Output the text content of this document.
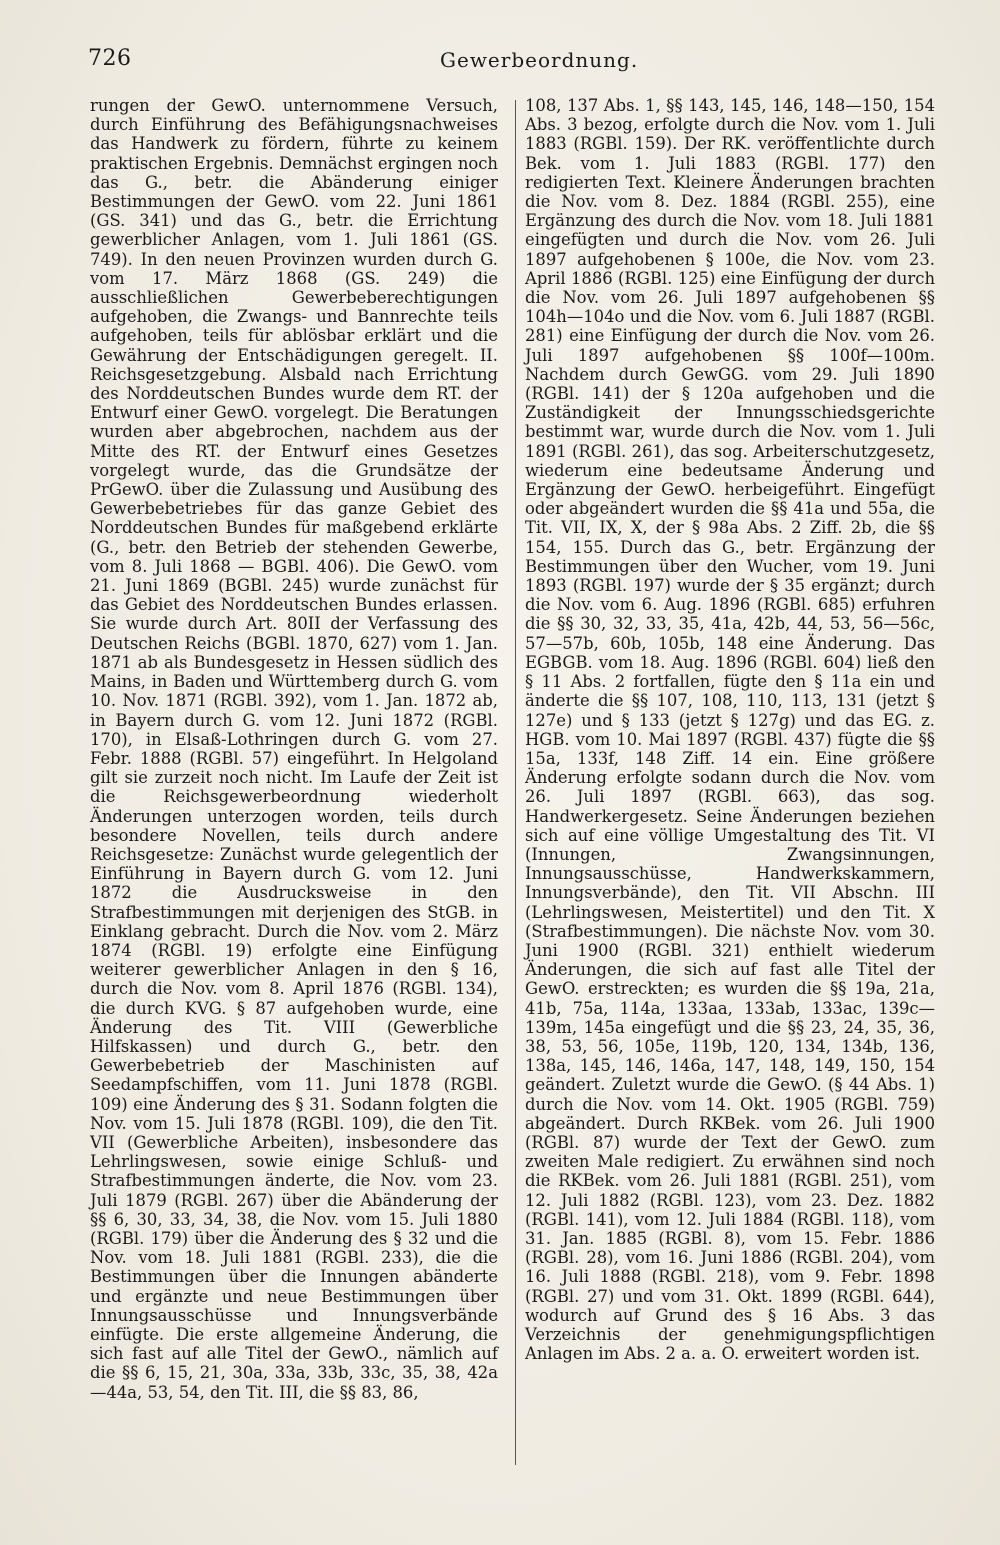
726	Gewerbeordnung.

rungen der GewO. unternommene Versuch, durch Einführung des Befähigungsnachweises das Handwerk zu fördern, führte zu keinem praktischen Ergebnis. Demnächst ergingen noch das G., betr. die Abänderung einiger Bestimmungen der GewO. vom 22. Juni 1861 (GS. 341) und das G., betr. die Errichtung gewerblicher Anlagen, vom 1. Juli 1861 (GS. 749). In den neuen Provinzen wurden durch G. vom 17. März 1868 (GS. 249) die ausschließlichen Gewerbeberechtigungen aufgehoben, die Zwangs- und Bannrechte teils aufgehoben, teils für ablösbar erklärt und die Gewährung der Entschädigungen geregelt. II. Reichsgesetzgebung. Alsbald nach Errichtung des Norddeutschen Bundes wurde dem RT. der Entwurf einer GewO. vorgelegt. Die Beratungen wurden aber abgebrochen, nachdem aus der Mitte des RT. der Entwurf eines Gesetzes vorgelegt wurde, das die Grundsätze der PrGewO. über die Zulassung und Ausübung des Gewerbebetriebes für das ganze Gebiet des Norddeutschen Bundes für maßgebend erklärte (G., betr. den Betrieb der stehenden Gewerbe, vom 8. Juli 1868 — BGBl. 406). Die GewO. vom 21. Juni 1869 (BGBl. 245) wurde zunächst für das Gebiet des Norddeutschen Bundes erlassen. Sie wurde durch Art. 80II der Verfassung des Deutschen Reichs (BGBl. 1870, 627) vom 1. Jan. 1871 ab als Bundesgesetz in Hessen südlich des Mains, in Baden und Württemberg durch G. vom 10. Nov. 1871 (RGBl. 392), vom 1. Jan. 1872 ab, in Bayern durch G. vom 12. Juni 1872 (RGBl. 170), in Elsaß-Lothringen durch G. vom 27. Febr. 1888 (RGBl. 57) eingeführt. In Helgoland gilt sie zurzeit noch nicht. Im Laufe der Zeit ist die Reichsgewerbeordnung wiederholt Änderungen unterzogen worden, teils durch besondere Novellen, teils durch andere Reichsgesetze: Zunächst wurde gelegentlich der Einführung in Bayern durch G. vom 12. Juni 1872 die Ausdrucksweise in den Strafbestimmungen mit derjenigen des StGB. in Einklang gebracht. Durch die Nov. vom 2. März 1874 (RGBl. 19) erfolgte eine Einfügung weiterer gewerblicher Anlagen in den § 16, durch die Nov. vom 8. April 1876 (RGBl. 134), die durch KVG. § 87 aufgehoben wurde, eine Änderung des Tit. VIII (Gewerbliche Hilfskassen) und durch G., betr. den Gewerbebetrieb der Maschinisten auf Seedampfschiffen, vom 11. Juni 1878 (RGBl. 109) eine Änderung des § 31. Sodann folgten die Nov. vom 15. Juli 1878 (RGBl. 109), die den Tit. VII (Gewerbliche Arbeiten), insbesondere das Lehrlingswesen, sowie einige Schluß- und Strafbestimmungen änderte, die Nov. vom 23. Juli 1879 (RGBl. 267) über die Abänderung der §§ 6, 30, 33, 34, 38, die Nov. vom 15. Juli 1880 (RGBl. 179) über die Änderung des § 32 und die Nov. vom 18. Juli 1881 (RGBl. 233), die die Bestimmungen über die Innungen abänderte und ergänzte und neue Bestimmungen über Innungsausschüsse und Innungsverbände einfügte. Die erste allgemeine Änderung, die sich fast auf alle Titel der GewO., nämlich auf die §§ 6, 15, 21, 30a, 33a, 33b, 33c, 35, 38, 42a—44a, 53, 54, den Tit. III, die §§ 83, 86,

108, 137 Abs. 1, §§ 143, 145, 146, 148—150, 154 Abs. 3 bezog, erfolgte durch die Nov. vom 1. Juli 1883 (RGBl. 159). Der RK. veröffentlichte durch Bek. vom 1. Juli 1883 (RGBl. 177) den redigierten Text. Kleinere Änderungen brachten die Nov. vom 8. Dez. 1884 (RGBl. 255), eine Ergänzung des durch die Nov. vom 18. Juli 1881 eingefügten und durch die Nov. vom 26. Juli 1897 aufgehobenen § 100e, die Nov. vom 23. April 1886 (RGBl. 125) eine Einfügung der durch die Nov. vom 26. Juli 1897 aufgehobenen §§ 104h—104o und die Nov. vom 6. Juli 1887 (RGBl. 281) eine Einfügung der durch die Nov. vom 26. Juli 1897 aufgehobenen §§ 100f—100m. Nachdem durch GewGG. vom 29. Juli 1890 (RGBl. 141) der § 120a aufgehoben und die Zuständigkeit der Innungsschiedsgerichte bestimmt war, wurde durch die Nov. vom 1. Juli 1891 (RGBl. 261), das sog. Arbeiterschutzgesetz, wiederum eine bedeutsame Änderung und Ergänzung der GewO. herbeigeführt. Eingefügt oder abgeändert wurden die §§ 41a und 55a, die Tit. VII, IX, X, der § 98a Abs. 2 Ziff. 2b, die §§ 154, 155. Durch das G., betr. Ergänzung der Bestimmungen über den Wucher, vom 19. Juni 1893 (RGBl. 197) wurde der § 35 ergänzt; durch die Nov. vom 6. Aug. 1896 (RGBl. 685) erfuhren die §§ 30, 32, 33, 35, 41a, 42b, 44, 53, 56—56c, 57—57b, 60b, 105b, 148 eine Änderung. Das EGBGB. vom 18. Aug. 1896 (RGBl. 604) ließ den § 11 Abs. 2 fortfallen, fügte den § 11a ein und änderte die §§ 107, 108, 110, 113, 131 (jetzt § 127e) und § 133 (jetzt § 127g) und das EG. z. HGB. vom 10. Mai 1897 (RGBl. 437) fügte die §§ 15a, 133f, 148 Ziff. 14 ein. Eine größere Änderung erfolgte sodann durch die Nov. vom 26. Juli 1897 (RGBl. 663), das sog. Handwerkergesetz. Seine Änderungen beziehen sich auf eine völlige Umgestaltung des Tit. VI (Innungen, Zwangsinnungen, Innungsausschüsse, Handwerkskammern, Innungsverbände), den Tit. VII Abschn. III (Lehrlingswesen, Meistertitel) und den Tit. X (Strafbestimmungen). Die nächste Nov. vom 30. Juni 1900 (RGBl. 321) enthielt wiederum Änderungen, die sich auf fast alle Titel der GewO. erstreckten; es wurden die §§ 19a, 21a, 41b, 75a, 114a, 133aa, 133ab, 133ac, 139c—139m, 145a eingefügt und die §§ 23, 24, 35, 36, 38, 53, 56, 105e, 119b, 120, 134, 134b, 136, 138a, 145, 146, 146a, 147, 148, 149, 150, 154 geändert. Zuletzt wurde die GewO. (§ 44 Abs. 1) durch die Nov. vom 14. Okt. 1905 (RGBl. 759) abgeändert. Durch RKBek. vom 26. Juli 1900 (RGBl. 87) wurde der Text der GewO. zum zweiten Male redigiert. Zu erwähnen sind noch die RKBek. vom 26. Juli 1881 (RGBl. 251), vom 12. Juli 1882 (RGBl. 123), vom 23. Dez. 1882 (RGBl. 141), vom 12. Juli 1884 (RGBl. 118), vom 31. Jan. 1885 (RGBl. 8), vom 15. Febr. 1886 (RGBl. 28), vom 16. Juni 1886 (RGBl. 204), vom 16. Juli 1888 (RGBl. 218), vom 9. Febr. 1898 (RGBl. 27) und vom 31. Okt. 1899 (RGBl. 644), wodurch auf Grund des § 16 Abs. 3 das Verzeichnis der genehmigungspflichtigen Anlagen im Abs. 2 a. a. O. erweitert worden ist.
